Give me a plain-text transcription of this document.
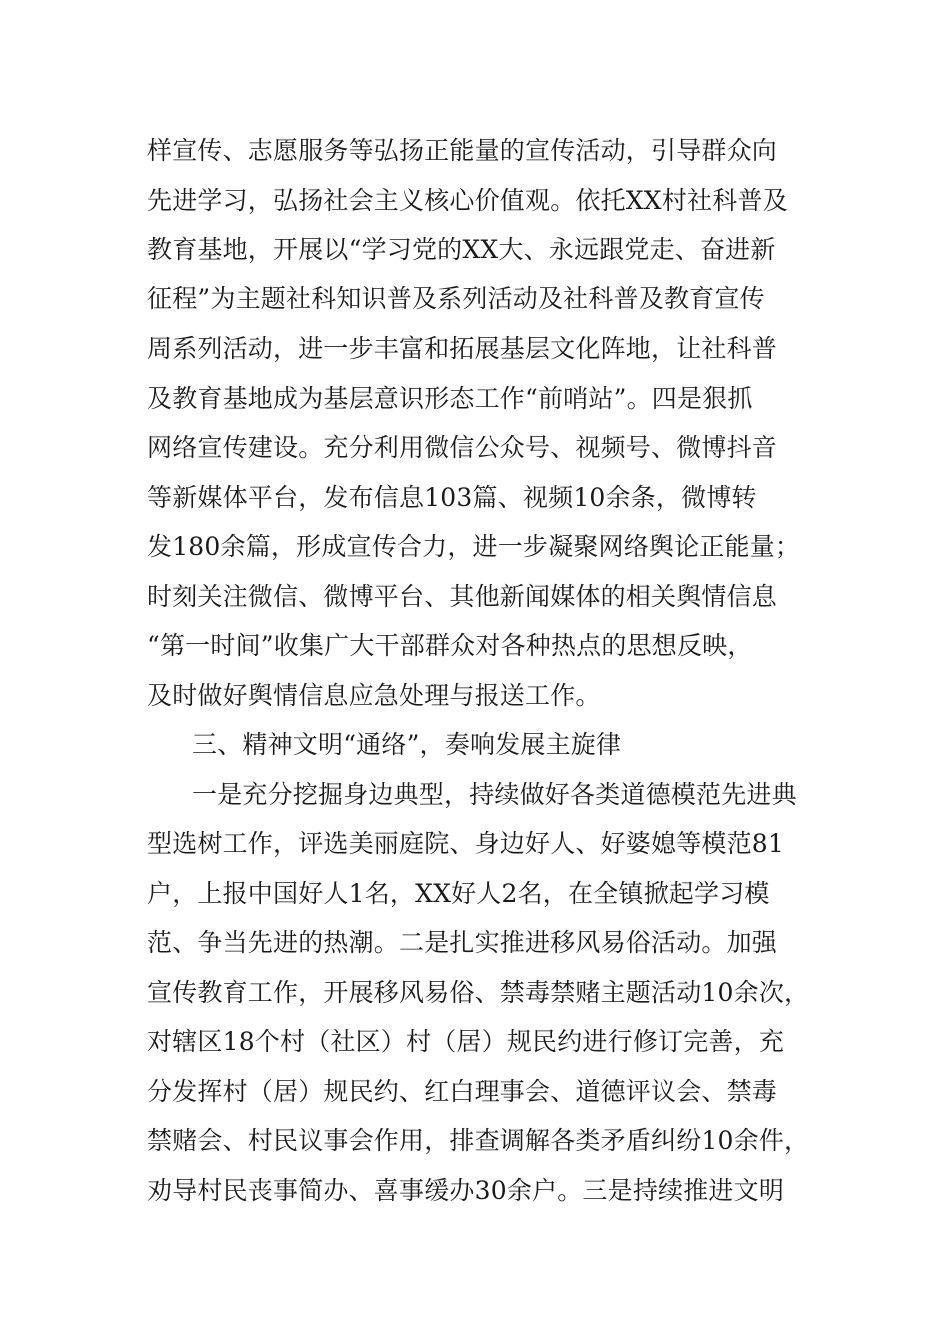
样宣传、志愿服务等弘扬正能量的宣传活动，引导群众向
先进学习，弘扬社会主义核心价值观。依托XX村社科普及
教育基地，开展以“学习党的XX大、永远跟党走、奋进新
征程”为主题社科知识普及系列活动及社科普及教育宣传
周系列活动，进一步丰富和拓展基层文化阵地，让社科普
及教育基地成为基层意识形态工作“前哨站”。四是狠抓
网络宣传建设。充分利用微信公众号、视频号、微博抖音
等新媒体平台，发布信息103篇、视频10余条，微博转
发180余篇，形成宣传合力，进一步凝聚网络舆论正能量；
时刻关注微信、微博平台、其他新闻媒体的相关舆情信息
“第一时间”收集广大干部群众对各种热点的思想反映，
及时做好舆情信息应急处理与报送工作。
三、精神文明“通络”，奏响发展主旋律
一是充分挖掘身边典型，持续做好各类道德模范先进典
型选树工作，评选美丽庭院、身边好人、好婆媳等模范81
户，上报中国好人1名，XX好人2名，在全镇掀起学习模
范、争当先进的热潮。二是扎实推进移风易俗活动。加强
宣传教育工作，开展移风易俗、禁毒禁赌主题活动10余次，
对辖区18个村（社区）村（居）规民约进行修订完善，充
分发挥村（居）规民约、红白理事会、道德评议会、禁毒
禁赌会、村民议事会作用，排查调解各类矛盾纠纷10余件，
劝导村民丧事简办、喜事缓办30余户。三是持续推进文明
